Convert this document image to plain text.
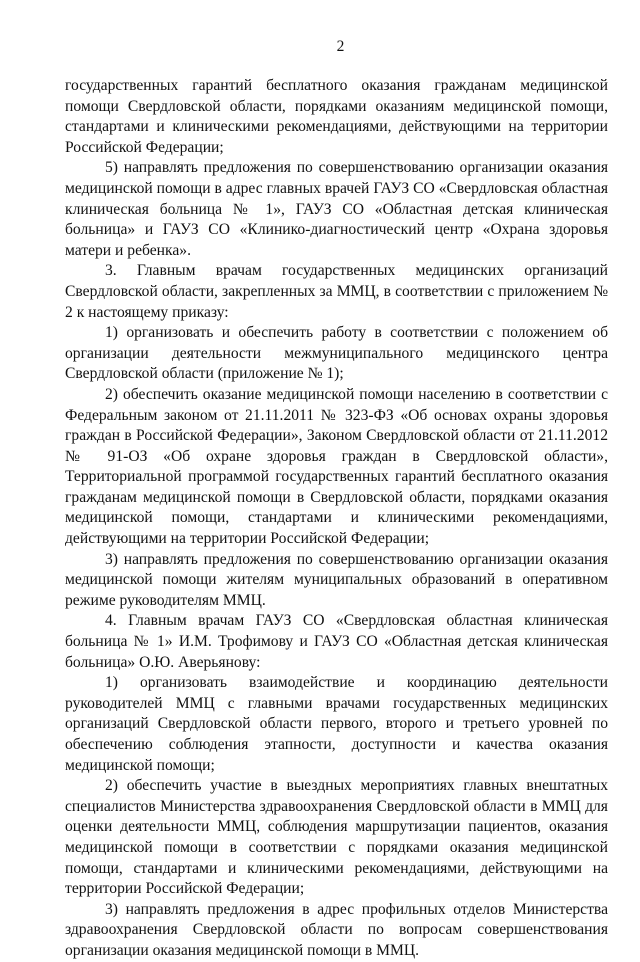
2

государственных гарантий бесплатного оказания гражданам медицинской помощи Свердловской области, порядками оказаниям медицинской помощи, стандартами и клиническими рекомендациями, действующими на территории Российской Федерации;

5) направлять предложения по совершенствованию организации оказания медицинской помощи в адрес главных врачей ГАУЗ СО «Свердловская областная клиническая больница № 1», ГАУЗ СО «Областная детская клиническая больница» и ГАУЗ СО «Клинико-диагностический центр «Охрана здоровья матери и ребенка».

3. Главным врачам государственных медицинских организаций Свердловской области, закрепленных за ММЦ, в соответствии с приложением № 2 к настоящему приказу:

1) организовать и обеспечить работу в соответствии с положением об организации деятельности межмуниципального медицинского центра Свердловской области (приложение № 1);

2) обеспечить оказание медицинской помощи населению в соответствии с Федеральным законом от 21.11.2011 № 323-ФЗ «Об основах охраны здоровья граждан в Российской Федерации», Законом Свердловской области от 21.11.2012 № 91-ОЗ «Об охране здоровья граждан в Свердловской области», Территориальной программой государственных гарантий бесплатного оказания гражданам медицинской помощи в Свердловской области, порядками оказания медицинской помощи, стандартами и клиническими рекомендациями, действующими на территории Российской Федерации;

3) направлять предложения по совершенствованию организации оказания медицинской помощи жителям муниципальных образований в оперативном режиме руководителям ММЦ.

4. Главным врачам ГАУЗ СО «Свердловская областная клиническая больница № 1» И.М. Трофимову и ГАУЗ СО «Областная детская клиническая больница» О.Ю. Аверьянову:

1) организовать взаимодействие и координацию деятельности руководителей ММЦ с главными врачами государственных медицинских организаций Свердловской области первого, второго и третьего уровней по обеспечению соблюдения этапности, доступности и качества оказания медицинской помощи;

2) обеспечить участие в выездных мероприятиях главных внештатных специалистов Министерства здравоохранения Свердловской области в ММЦ для оценки деятельности ММЦ, соблюдения маршрутизации пациентов, оказания медицинской помощи в соответствии с порядками оказания медицинской помощи, стандартами и клиническими рекомендациями, действующими на территории Российской Федерации;

3) направлять предложения в адрес профильных отделов Министерства здравоохранения Свердловской области по вопросам совершенствования организации оказания медицинской помощи в ММЦ.
